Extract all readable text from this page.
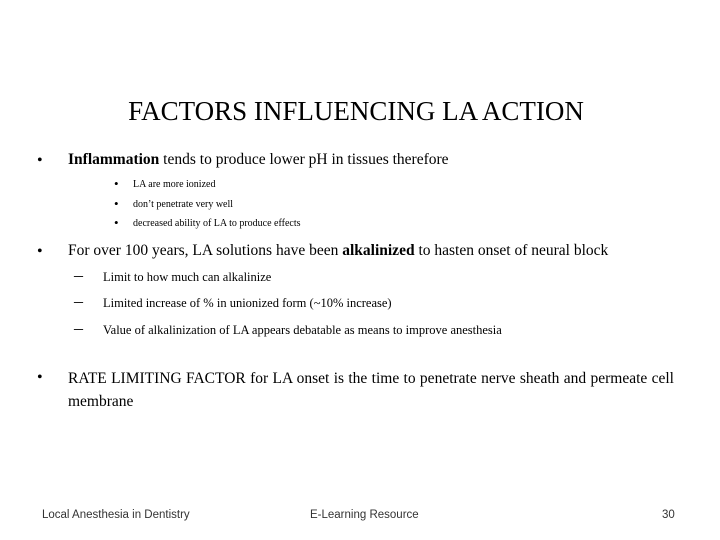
FACTORS INFLUENCING LA ACTION
• Inflammation tends to produce lower pH in tissues therefore
• LA are more ionized
• don’t penetrate very well
• decreased ability of LA to produce effects
• For over 100 years, LA solutions have been alkalinized to hasten onset of neural block
– Limit to how much can alkalinize
– Limited increase of % in unionized form (~10% increase)
– Value of alkalinization of LA appears debatable as means to improve anesthesia
• RATE LIMITING FACTOR for LA onset is the time to penetrate nerve sheath and permeate cell membrane
Local Anesthesia in Dentistry	E-Learning Resource	30
